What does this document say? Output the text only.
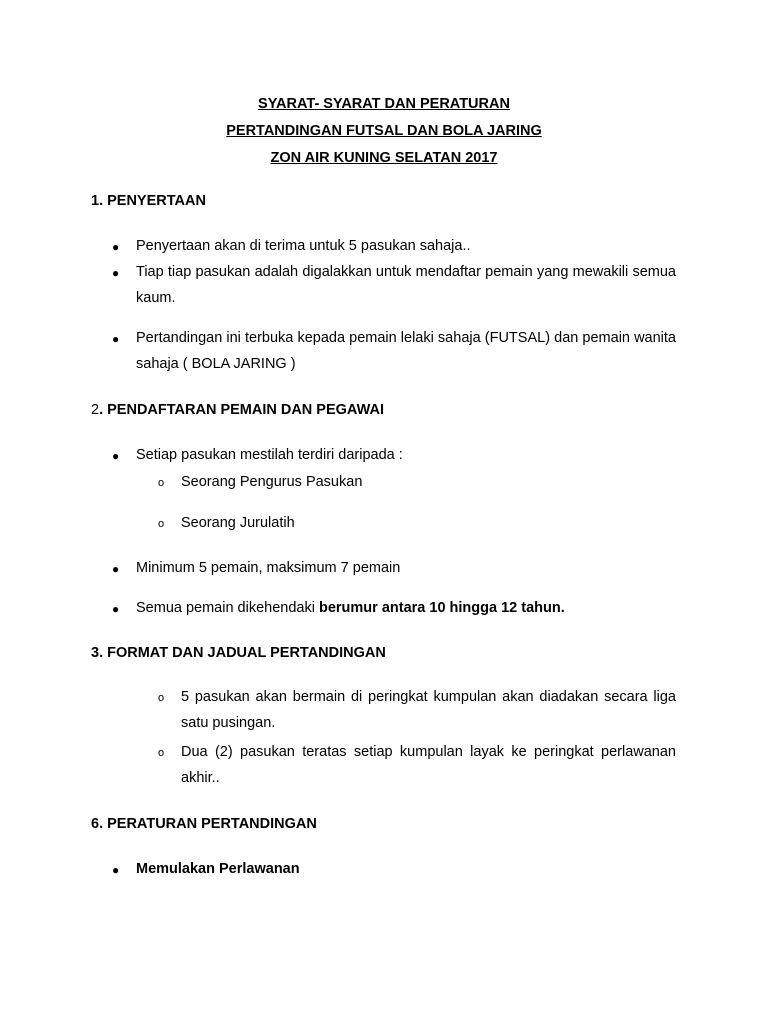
SYARAT- SYARAT DAN PERATURAN
PERTANDINGAN FUTSAL DAN BOLA JARING
ZON AIR KUNING SELATAN 2017
1. PENYERTAAN
● Penyertaan akan di terima untuk 5 pasukan sahaja..
● Tiap tiap pasukan adalah digalakkan untuk mendaftar pemain yang mewakili semua kaum.
● Pertandingan ini terbuka kepada pemain lelaki sahaja (FUTSAL) dan pemain wanita sahaja ( BOLA JARING )
2. PENDAFTARAN PEMAIN DAN PEGAWAI
● Setiap pasukan mestilah terdiri daripada :
o Seorang Pengurus Pasukan
o Seorang Jurulatih
● Minimum 5 pemain, maksimum 7 pemain
● Semua pemain dikehendaki berumur antara 10 hingga 12 tahun.
3. FORMAT DAN JADUAL PERTANDINGAN
o 5 pasukan akan bermain di peringkat kumpulan akan diadakan secara liga satu pusingan.
o Dua (2) pasukan teratas setiap kumpulan layak ke peringkat perlawanan akhir..
6. PERATURAN PERTANDINGAN
● Memulakan Perlawanan
